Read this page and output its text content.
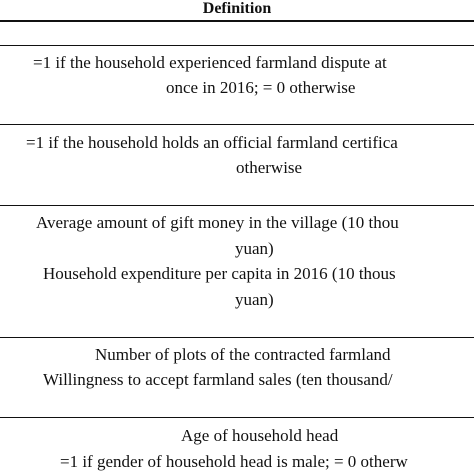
Definition
=1 if the household experienced farmland dispute at
once in 2016; = 0 otherwise
=1 if the household holds an official farmland certifica
otherwise
Average amount of gift money in the village (10 thou
yuan)
Household expenditure per capita in 2016 (10 thous
yuan)
Number of plots of the contracted farmland
Willingness to accept farmland sales (ten thousand/
Age of household head
=1 if gender of household head is male; = 0 otherw
